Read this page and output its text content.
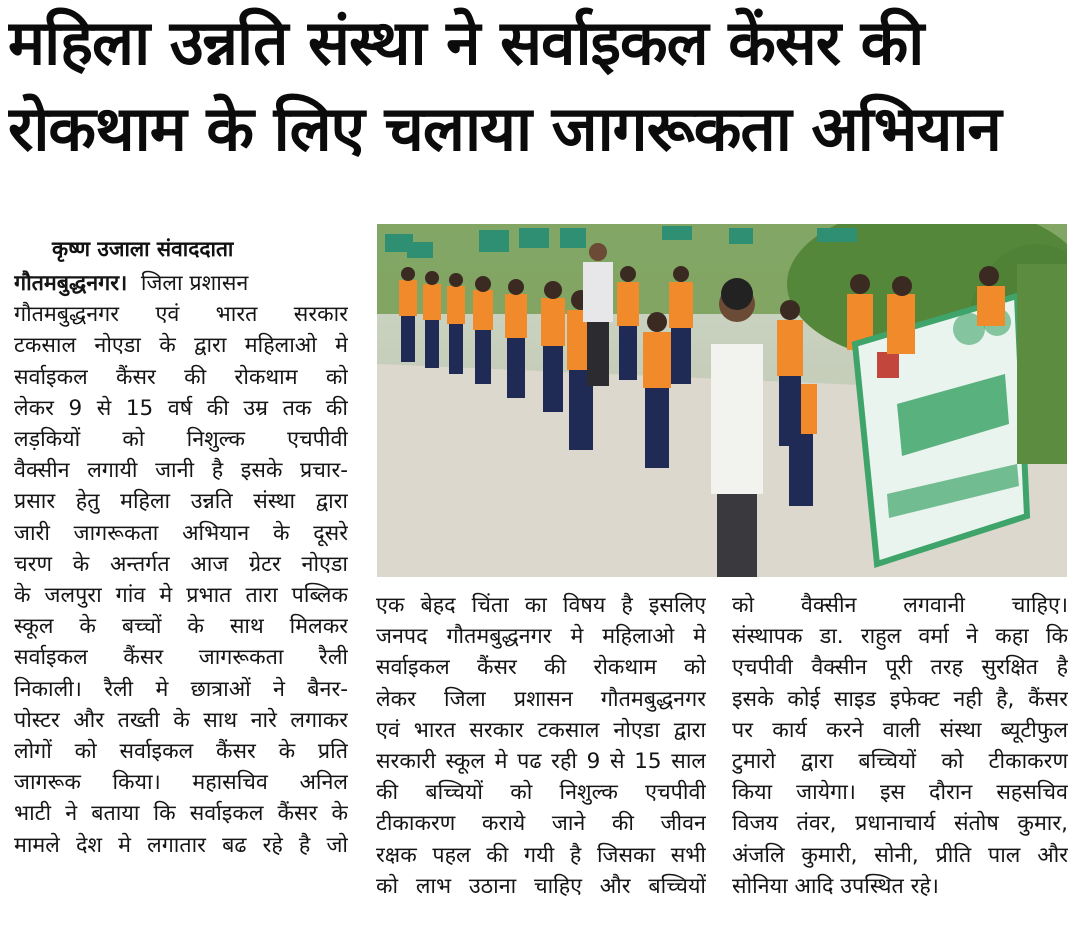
महिला उन्नति संस्था ने सर्वाइकल केंसर की
रोकथाम के लिए चलाया जागरूकता अभियान
कृष्ण उजाला संवाददाता
गौतमबुद्धनगर। जिला प्रशासन
गौतमबुद्धनगर एवं भारत सरकार
टकसाल नोएडा के द्वारा महिलाओ मे
सर्वाइकल कैंसर की रोकथाम को
लेकर 9 से 15 वर्ष की उम्र तक की
लड़कियों को निशुल्क एचपीवी
वैक्सीन लगायी जानी है इसके प्रचार-
प्रसार हेतु महिला उन्नति संस्था द्वारा
जारी जागरूकता अभियान के दूसरे
चरण के अन्तर्गत आज ग्रेटर नोएडा
के जलपुरा गांव मे प्रभात तारा पब्लिक
स्कूल के बच्चों के साथ मिलकर
सर्वाइकल कैंसर जागरूकता रैली
निकाली। रैली मे छात्राओं ने बैनर-
पोस्टर और तख्ती के साथ नारे लगाकर
लोगों को सर्वाइकल कैंसर के प्रति
जागरूक किया। महासचिव अनिल
भाटी ने बताया कि सर्वाइकल कैंसर के
मामले देश मे लगातार बढ रहे है जो
एक बेहद चिंता का विषय है इसलिए
जनपद गौतमबुद्धनगर मे महिलाओ मे
सर्वाइकल कैंसर की रोकथाम को
लेकर जिला प्रशासन गौतमबुद्धनगर
एवं भारत सरकार टकसाल नोएडा द्वारा
सरकारी स्कूल मे पढ रही 9 से 15 साल
की बच्चियों को निशुल्क एचपीवी
टीकाकरण कराये जाने की जीवन
रक्षक पहल की गयी है जिसका सभी
को लाभ उठाना चाहिए और बच्चियों
को वैक्सीन लगवानी चाहिए।
संस्थापक डा. राहुल वर्मा ने कहा कि
एचपीवी वैक्सीन पूरी तरह सुरक्षित है
इसके कोई साइड इफेक्ट नही है, कैंसर
पर कार्य करने वाली संस्था ब्यूटीफुल
टुमारो द्वारा बच्चियों को टीकाकरण
किया जायेगा। इस दौरान सहसचिव
विजय तंवर, प्रधानाचार्य संतोष कुमार,
अंजलि कुमारी, सोनी, प्रीति पाल और
सोनिया आदि उपस्थित रहे।
